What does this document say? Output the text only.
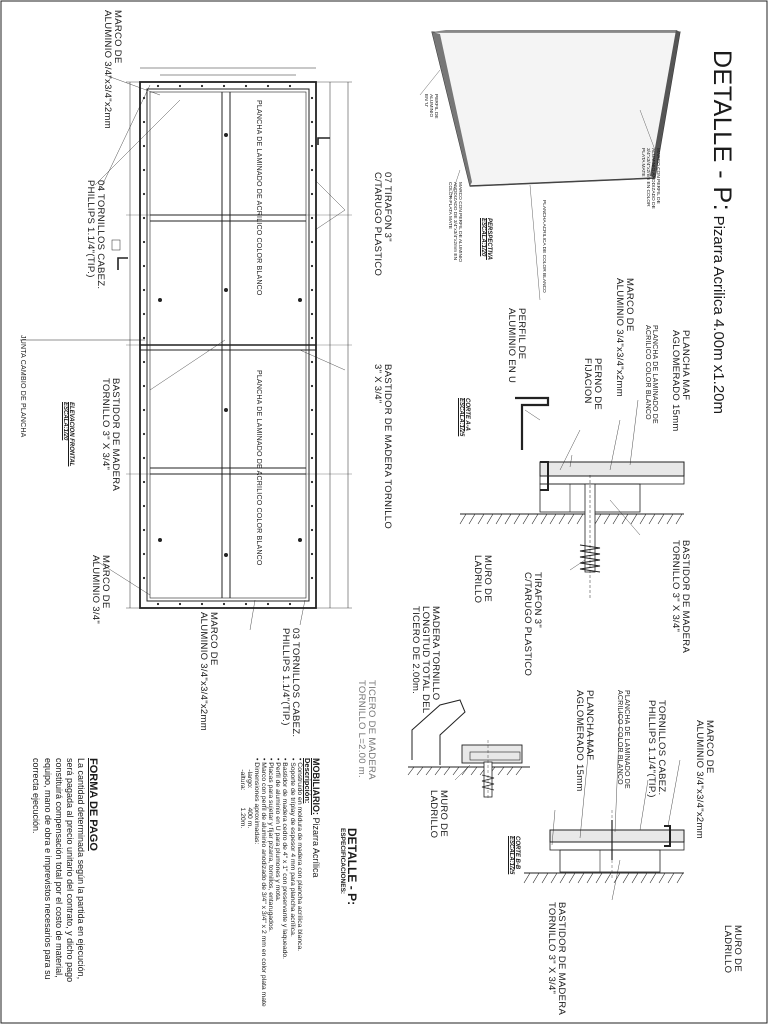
DETALLE - P: Pizarra Acrilica 4.00m x1.20m
MARCO CON PERFIL DE
ALUMINIO ANODIZADO DE
3/4"x3/4"x2mm EN COLOR
PLATA MATE
PERFIL DE
ALUMINIO
EN 'U'
MARCO CON PERFIL DE ALUMINIO
ANODIZADO DE 3/4"x3/4"x2mm EN
COLOR PLATA MATE	PLANCHA ACRILICA DE COLOR BLANCO
PERSPECTIVA
ESCALA:1/20
MARCO DE
ALUMINIO 3/4"x3/4"x2mm
04 TORNILLOS CABEZ.
PHILLIPS 1.1/4"(TIP.)	07 TIRAFON 3"
C/TARUGO PLASTICO
JUNTA CAMBIO DE PLANCHA	BASTIDOR DE MADERA
TORNILLO 3" X 3/4"	BASTIDOR DE MADERA TORNILLO
3" X 3/4"
ELEVACION FRONTAL
ESCALA:1/20
MARCO DE
ALUMINIO 3/4"
MARCO DE
ALUMINIO 3/4"x3/4"x2mm	03 TORNILLOS CABEZ.
PHILLIPS 1.1/4"(TIP.)
PLANCHA DE LAMINADO DE ACRILICO COLOR BLANCO
PLANCHA DE LAMINADO DE ACRILICO COLOR BLANCO
PLANCHA MAF
AGLOMERADO 15mm
PLANCHA DE LAMINADO DE
ACRILICO COLOR BLANCO
MARCO DE
ALUMINIO 3/4"x3/4"x2mm
PERNO DE
FIJACION
PERFIL DE
ALUMINIO EN U
CORTE A-A
ESCALA:1/25
BASTIDOR DE MADERA
TORNILLO 3" X 3/4"
TIRAFON 3"
C/TARUGO PLASTICO
MURO DE
LADRILLO
MADERA TORNILLO
LONGITUD TOTAL DEL
TICERO DE 2.00m.
TICERO DE MADERA
TORNILLO L=2.00 m.
MURO DE
LADRILLO
MARCO DE
ALUMINIO 3/4"x3/4"x2mm
TORNILLOS CABEZ.
PHILLIPS 1.1/4"(TIP.)
PLANCHA DE LAMINADO DE
ACRILICO COLOR BLANCO
PLANCHA MAF
AGLOMERADO 15mm
CORTE B-B
ESCALA:1/25
MURO DE
LADRILLO
BASTIDOR DE MADERA
TORNILLO 3" X 3/4"
DETALLE - P:
ESPECIFICACIONES:
MOBILIARIO: Pizarra Acrílica
Descripción:
• Construido en moldura de madera con plancha acrílica blanca.
• Soporte de tríplay de espesor 4 mm para plancha acrílica.
• Bastidor de madera cedro de 4" x 1" con preservante y laqueado.
• Perfil de aluminio en U para plumones y mota.
• Placas para sujetar y fijar pizarra, tornillos, entarugados.
• Marco con perfil de aluminio anodizado de 3/4" x 3/4" x 2 mm en color plata mate
• Dimensiones aproximadas:
-largo:          400 m.
-altura:         1.20m.
FORMA DE PAGO
La cantidad determinada según la partida en ejecución,
será pagada al precio unitario del contrato, y dicho pago
constituirá compensación total por el costo de material,
equipo, mano de obra e imprevistos necesarios para su
correcta ejecución.
